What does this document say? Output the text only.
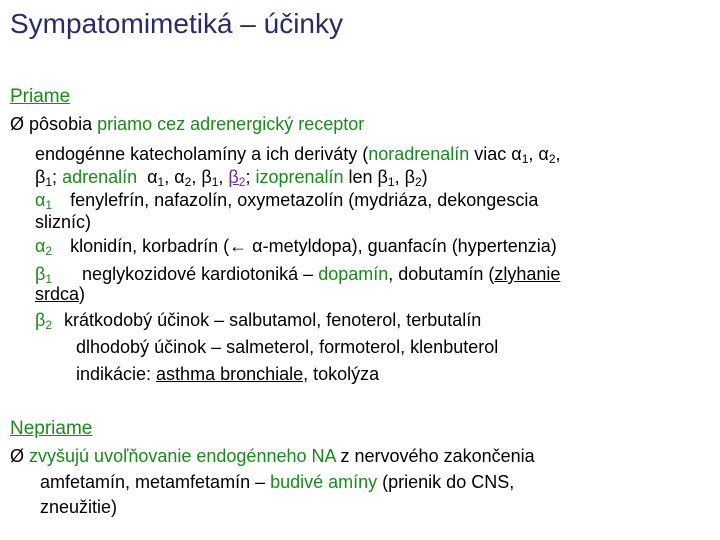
Sympatomimetiká – účinky
Priame
Ø pôsobia priamo cez adrenergický receptor
endogénne katecholamíny a ich deriváty (noradrenalín viac $\alpha_1$, $\alpha_2$,
$\beta_1$; adrenalín  $\alpha_1$, $\alpha_2$, $\beta_1$, $\beta_2$; izoprenalín len $\beta_1$, $\beta_2$)
$\alpha_1$ fenylefrín, nafazolín, oxymetazolín (mydriáza, dekongescia
slizníc)
$\alpha_2$ klonidín, korbadrín (← α-metyldopa), guanfacín (hypertenzia)
$\beta_1$ neglykozidové kardiotoniká – dopamín, dobutamín (zlyhanie
srdca)
$\beta_2$ krátkodobý účinok – salbutamol, fenoterol, terbutalín
dlhodobý účinok – salmeterol, formoterol, klenbuterol
indikácie: asthma bronchiale, tokolýza
Nepriame
Ø zvyšujú uvoľňovanie endogénneho NA z nervového zakončenia
amfetamín, metamfetamín – budivé amíny (prienik do CNS,
zneužitie)
